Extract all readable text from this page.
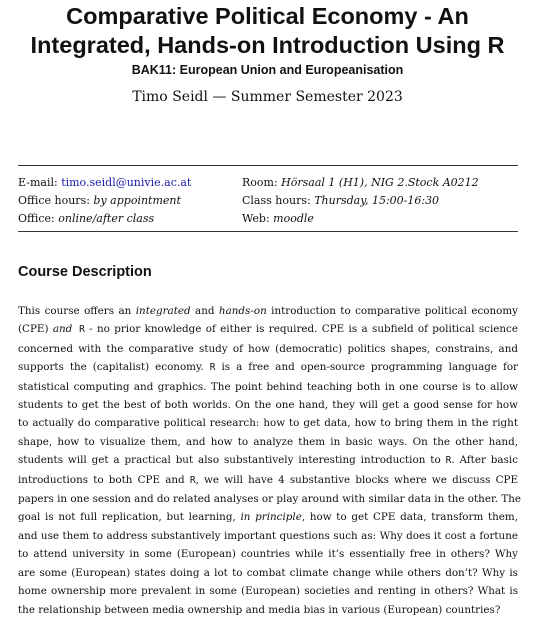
Comparative Political Economy - An
Integrated, Hands-on Introduction Using R
BAK11: European Union and Europeanisation
Timo Seidl — Summer Semester 2023
E-mail: timo.seidl@univie.ac.at
Office hours: by appointment
Office: online/after class
Room: Hörsaal 1 (H1), NIG 2.Stock A0212
Class hours: Thursday, 15:00-16:30
Web: moodle
Course Description
This course offers an integrated and hands-on introduction to comparative political economy
(CPE) and R - no prior knowledge of either is required. CPE is a subfield of political science
concerned with the comparative study of how (democratic) politics shapes, constrains, and
supports the (capitalist) economy. R is a free and open-source programming language for
statistical computing and graphics. The point behind teaching both in one course is to allow
students to get the best of both worlds. On the one hand, they will get a good sense for how
to actually do comparative political research: how to get data, how to bring them in the right
shape, how to visualize them, and how to analyze them in basic ways. On the other hand,
students will get a practical but also substantively interesting introduction to R. After basic
introductions to both CPE and R, we will have 4 substantive blocks where we discuss CPE
papers in one session and do related analyses or play around with similar data in the other. The
goal is not full replication, but learning, in principle, how to get CPE data, transform them,
and use them to address substantively important questions such as: Why does it cost a fortune
to attend university in some (European) countries while it’s essentially free in others? Why
are some (European) states doing a lot to combat climate change while others don’t? Why is
home ownership more prevalent in some (European) societies and renting in others? What is
the relationship between media ownership and media bias in various (European) countries?
